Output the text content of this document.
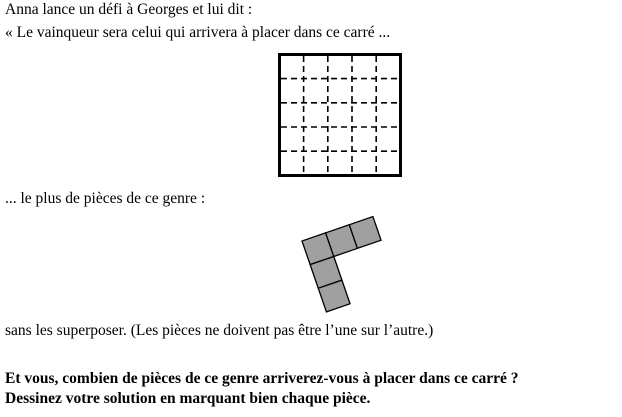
Anna lance un défi à Georges et lui dit :
« Le vainqueur sera celui qui arrivera à placer dans ce carré ...
... le plus de pièces de ce genre :
sans les superposer. (Les pièces ne doivent pas être l’une sur l’autre.)
Et vous, combien de pièces de ce genre arriverez-vous à placer dans ce carré ?
Dessinez votre solution en marquant bien chaque pièce.
